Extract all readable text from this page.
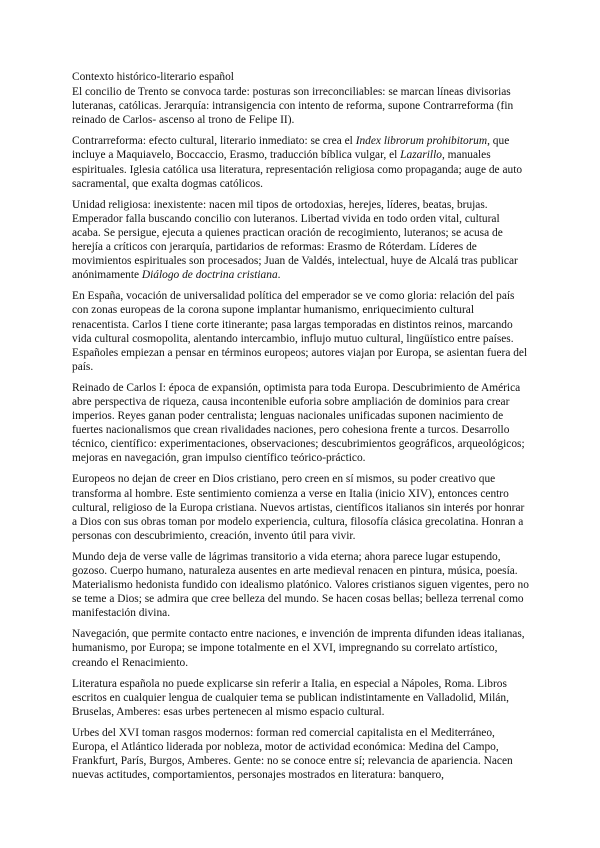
Contexto histórico-literario español

El concilio de Trento se convoca tarde: posturas son irreconciliables: se marcan líneas divisorias luteranas, católicas. Jerarquía: intransigencia con intento de reforma, supone Contrarreforma (fin reinado de Carlos- ascenso al trono de Felipe II).

Contrarreforma: efecto cultural, literario inmediato: se crea el Index librorum prohibitorum, que incluye a Maquiavelo, Boccaccio, Erasmo, traducción bíblica vulgar, el Lazarillo, manuales espirituales. Iglesia católica usa literatura, representación religiosa como propaganda; auge de auto sacramental, que exalta dogmas católicos.

Unidad religiosa: inexistente: nacen mil tipos de ortodoxias, herejes, líderes, beatas, brujas. Emperador falla buscando concilio con luteranos. Libertad vivida en todo orden vital, cultural acaba. Se persigue, ejecuta a quienes practican oración de recogimiento, luteranos; se acusa de herejía a críticos con jerarquía, partidarios de reformas: Erasmo de Róterdam. Líderes de movimientos espirituales son procesados; Juan de Valdés, intelectual, huye de Alcalá tras publicar anónimamente Diálogo de doctrina cristiana.

En España, vocación de universalidad política del emperador se ve como gloria: relación del país con zonas europeas de la corona supone implantar humanismo, enriquecimiento cultural renacentista. Carlos I tiene corte itinerante; pasa largas temporadas en distintos reinos, marcando vida cultural cosmopolita, alentando intercambio, influjo mutuo cultural, lingüístico entre países. Españoles empiezan a pensar en términos europeos; autores viajan por Europa, se asientan fuera del país.

Reinado de Carlos I: época de expansión, optimista para toda Europa. Descubrimiento de América abre perspectiva de riqueza, causa incontenible euforia sobre ampliación de dominios para crear imperios. Reyes ganan poder centralista; lenguas nacionales unificadas suponen nacimiento de fuertes nacionalismos que crean rivalidades naciones, pero cohesiona frente a turcos. Desarrollo técnico, científico: experimentaciones, observaciones; descubrimientos geográficos, arqueológicos; mejoras en navegación, gran impulso científico teórico-práctico.

Europeos no dejan de creer en Dios cristiano, pero creen en sí mismos, su poder creativo que transforma al hombre. Este sentimiento comienza a verse en Italia (inicio XIV), entonces centro cultural, religioso de la Europa cristiana. Nuevos artistas, científicos italianos sin interés por honrar a Dios con sus obras toman por modelo experiencia, cultura, filosofía clásica grecolatina. Honran a personas con descubrimiento, creación, invento útil para vivir.

Mundo deja de verse valle de lágrimas transitorio a vida eterna; ahora parece lugar estupendo, gozoso. Cuerpo humano, naturaleza ausentes en arte medieval renacen en pintura, música, poesía. Materialismo hedonista fundido con idealismo platónico. Valores cristianos siguen vigentes, pero no se teme a Dios; se admira que cree belleza del mundo. Se hacen cosas bellas; belleza terrenal como manifestación divina.

Navegación, que permite contacto entre naciones, e invención de imprenta difunden ideas italianas, humanismo, por Europa; se impone totalmente en el XVI, impregnando su correlato artístico, creando el Renacimiento.

Literatura española no puede explicarse sin referir a Italia, en especial a Nápoles, Roma. Libros escritos en cualquier lengua de cualquier tema se publican indistintamente en Valladolid, Milán, Bruselas, Amberes: esas urbes pertenecen al mismo espacio cultural.

Urbes del XVI toman rasgos modernos: forman red comercial capitalista en el Mediterráneo, Europa, el Atlántico liderada por nobleza, motor de actividad económica: Medina del Campo, Frankfurt, París, Burgos, Amberes. Gente: no se conoce entre sí; relevancia de apariencia. Nacen nuevas actitudes, comportamientos, personajes mostrados en literatura: banquero,
